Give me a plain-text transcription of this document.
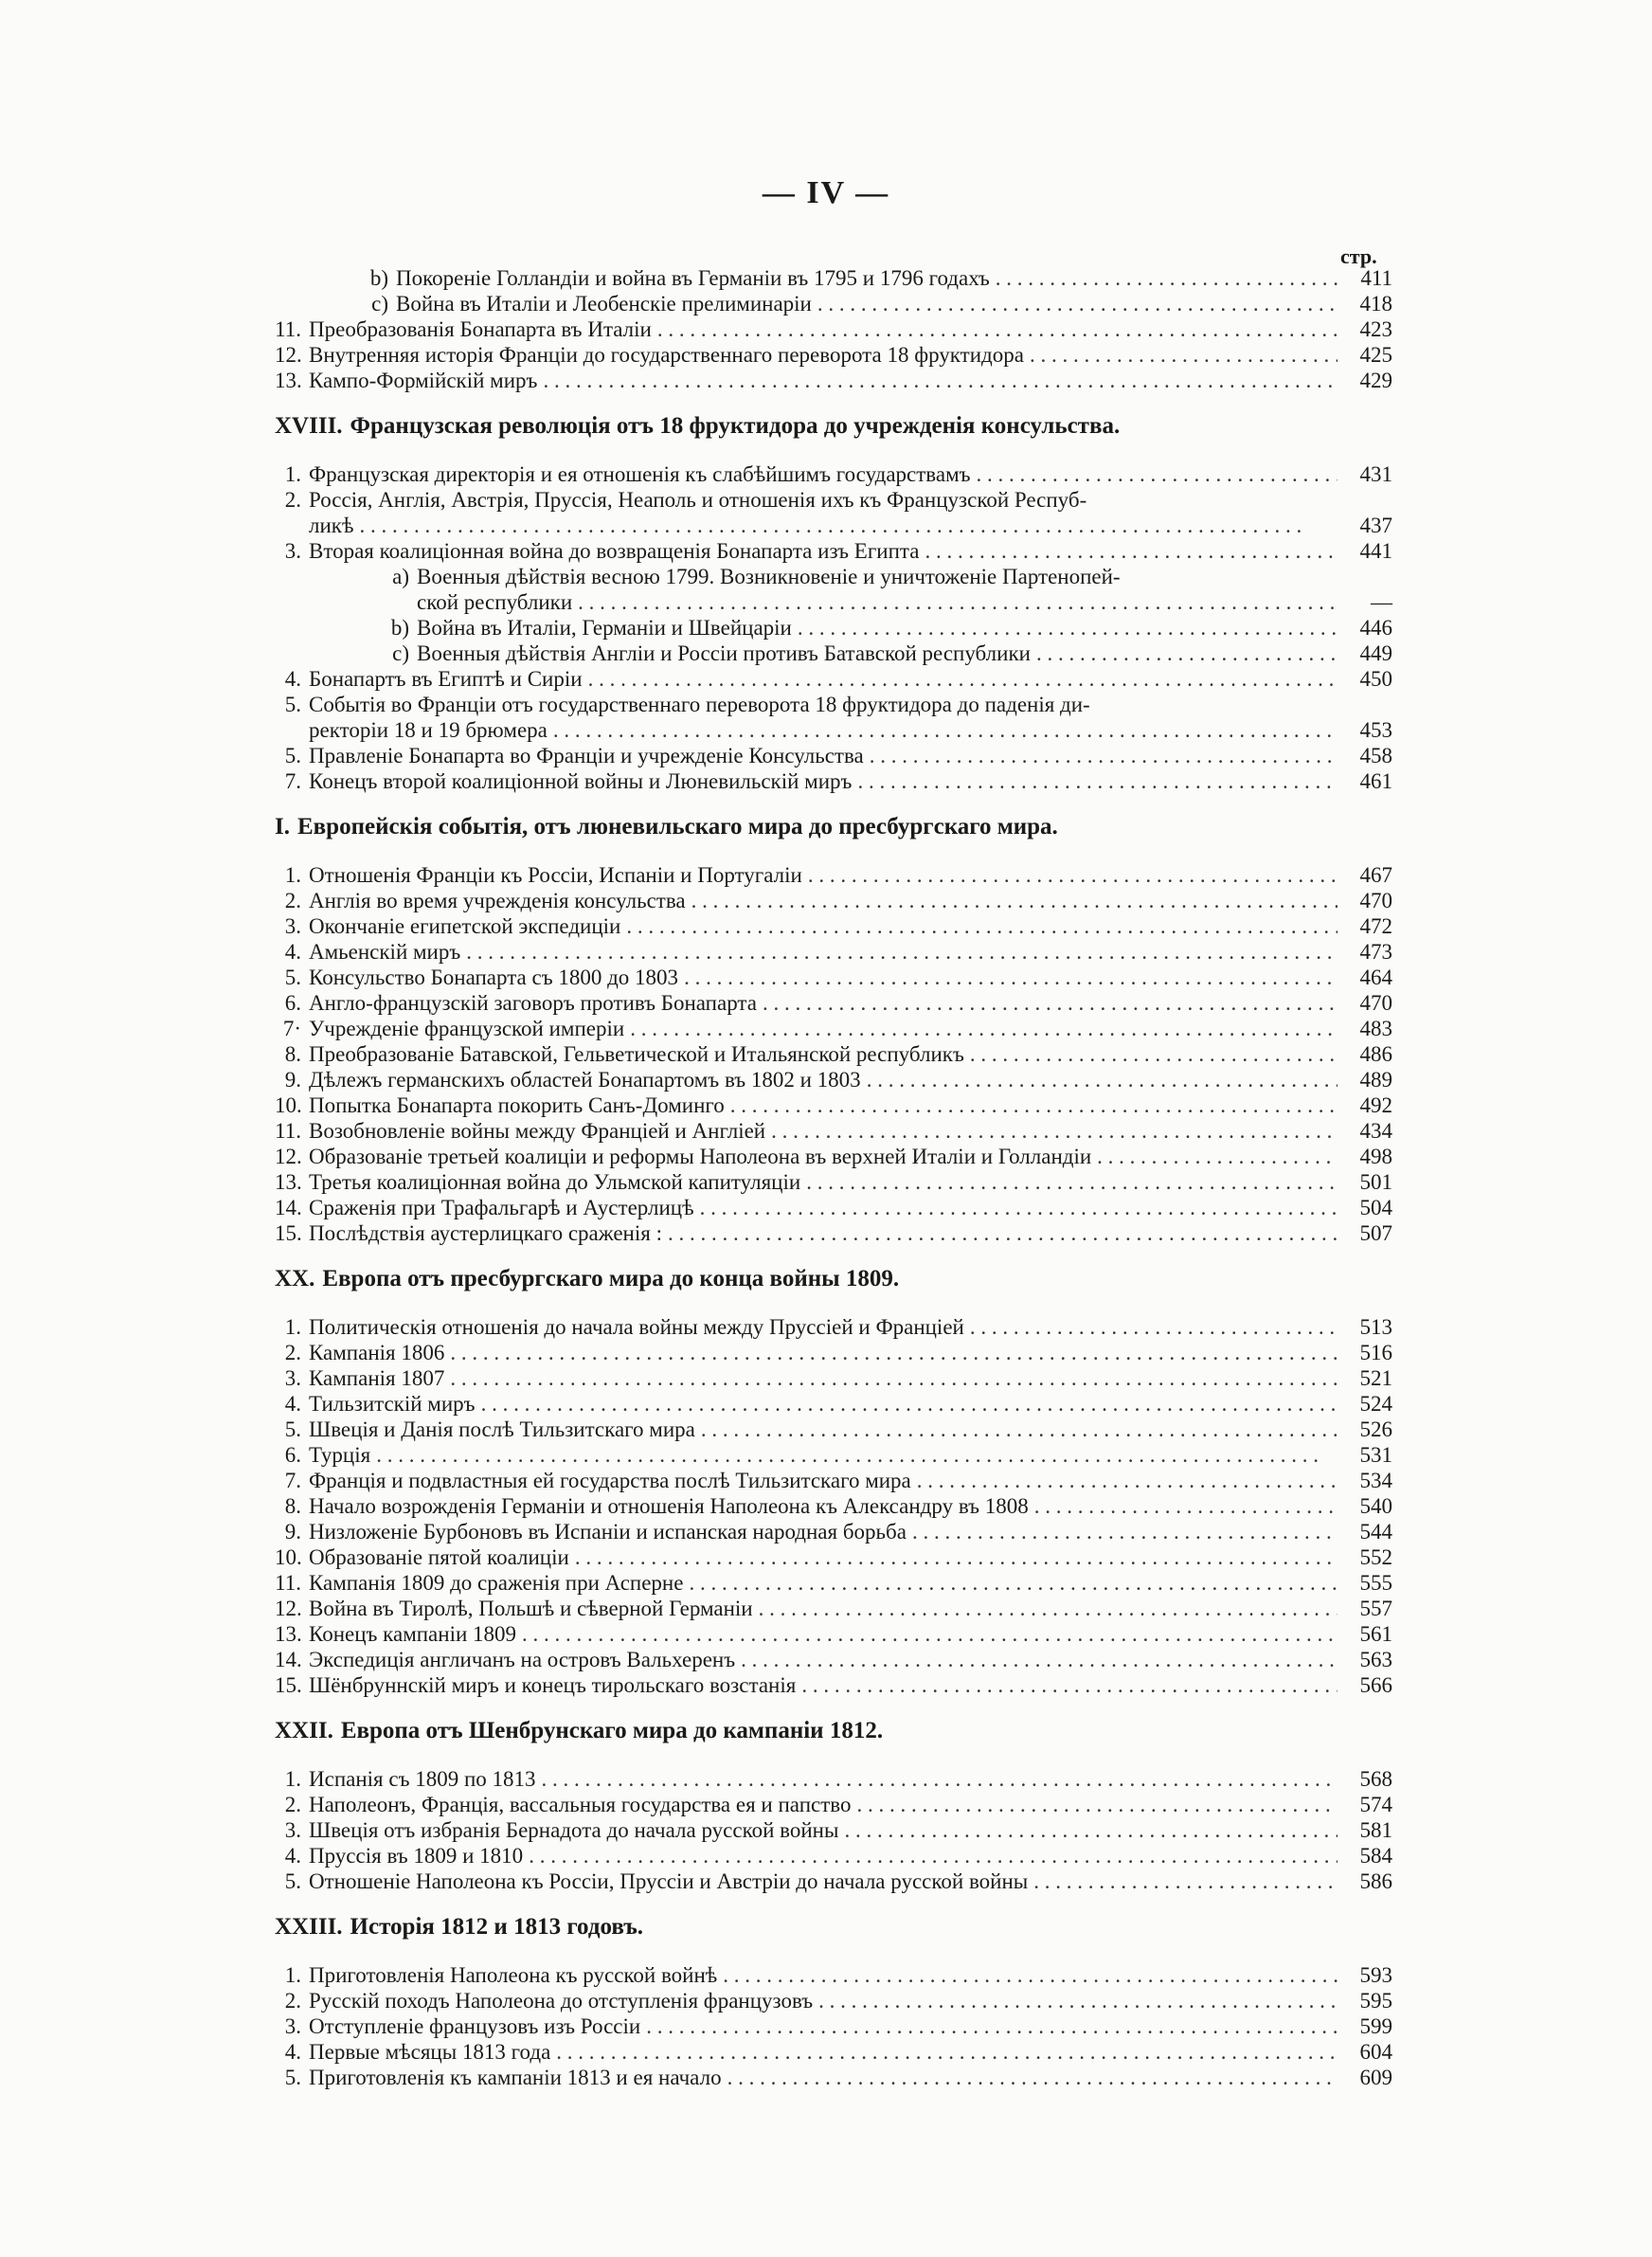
— IV —
стр.
b) Покореніе Голландіи и война въ Германіи въ 1795 и 1796 годахъ . . .	411
c) Война въ Италіи и Леобенскіе прелиминаріи . . .	418
11. Преобразованія Бонапарта въ Италіи . . .	423
12. Внутренняя исторія Франціи до государственнаго переворота 18 фруктидора . . .	425
13. Кампо-Формійскій миръ . . .	429
XVIII. Французская революція отъ 18 фруктидора до учрежденія консульства.
1. Французская директорія и ея отношенія къ слабѣйшимъ государствамъ . . .	431
2. Россія, Англія, Австрія, Пруссія, Неаполь и отношенія ихъ къ Французской Респуб-
ликѣ . . .	437
3. Вторая коалиціонная война до возвращенія Бонапарта изъ Египта . . .	441
a) Военныя дѣйствія весною 1799. Возникновеніе и уничтоженіе Партенопей-
ской республики . . .	—
b) Война въ Италіи, Германіи и Швейцаріи . . .	446
c) Военныя дѣйствія Англіи и Россіи противъ Батавской республики . . .	449
4. Бонапартъ въ Египтѣ и Сиріи . . .	450
5. Событія во Франціи отъ государственнаго переворота 18 фруктидора до паденія ди-
ректоріи 18 и 19 брюмера . . .	453
5. Правленіе Бонапарта во Франціи и учрежденіе Консульства . . .	458
7. Конецъ второй коалиціонной войны и Люневильскій миръ . . .	461
I. Европейскія событія, отъ люневильскаго мира до пресбургскаго мира.
1. Отношенія Франціи къ Россіи, Испаніи и Португаліи . . .	467
2. Англія во время учрежденія консульства . . .	470
3. Окончаніе египетской экспедиціи . . .	472
4. Амьенскій миръ . . .	473
5. Консульство Бонапарта съ 1800 до 1803 . . .	464
6. Англо-французскій заговоръ противъ Бонапарта . . .	470
7· Учрежденіе французской имперіи . . .	483
8. Преобразованіе Батавской, Гельветической и Итальянской республикъ . . .	486
9. Дѣлежъ германскихъ областей Бонапартомъ въ 1802 и 1803 . . .	489
10. Попытка Бонапарта покорить Санъ-Доминго . . .	492
11. Возобновленіе войны между Франціей и Англіей . . .	434
12. Образованіе третьей коалиціи и реформы Наполеона въ верхней Италіи и Голландіи . . .	498
13. Третья коалиціонная война до Ульмской капитуляціи . . .	501
14. Сраженія при Трафальгарѣ и Аустерлицѣ . . .	504
15. Послѣдствія аустерлицкаго сраженія : . . .	507
XX. Европа отъ пресбургскаго мира до конца войны 1809.
1. Политическія отношенія до начала войны между Пруссіей и Франціей . . .	513
2. Кампанія 1806 . . .	516
3. Кампанія 1807 . . .	521
4. Тильзитскій миръ . . .	524
5. Швеція и Данія послѣ Тильзитскаго мира . . .	526
6. Турція . . .	531
7. Франція и подвластныя ей государства послѣ Тильзитскаго мира . . .	534
8. Начало возрожденія Германіи и отношенія Наполеона къ Александру въ 1808 . . .	540
9. Низложеніе Бурбоновъ въ Испаніи и испанская народная борьба . . .	544
10. Образованіе пятой коалиціи . . .	552
11. Кампанія 1809 до сраженія при Асперне . . .	555
12. Война въ Тиролѣ, Польшѣ и сѣверной Германіи . . .	557
13. Конецъ кампаніи 1809 . . .	561
14. Экспедиція англичанъ на островъ Вальхеренъ . . .	563
15. Шёнбруннскій миръ и конецъ тирольскаго возстанія . . .	566
XXII. Европа отъ Шенбрунскаго мира до кампаніи 1812.
1. Испанія съ 1809 по 1813 . . .	568
2. Наполеонъ, Франція, вассальныя государства ея и папство . . .	574
3. Швеція отъ избранія Бернадота до начала русской войны . . .	581
4. Пруссія въ 1809 и 1810 . . .	584
5. Отношеніе Наполеона къ Россіи, Пруссіи и Австріи до начала русской войны . . .	586
XXIII. Исторія 1812 и 1813 годовъ.
1. Приготовленія Наполеона къ русской войнѣ . . .	593
2. Русскій походъ Наполеона до отступленія французовъ . . .	595
3. Отступленіе французовъ изъ Россіи . . .	599
4. Первые мѣсяцы 1813 года . . .	604
5. Приготовленія къ кампаніи 1813 и ея начало . . .	609
